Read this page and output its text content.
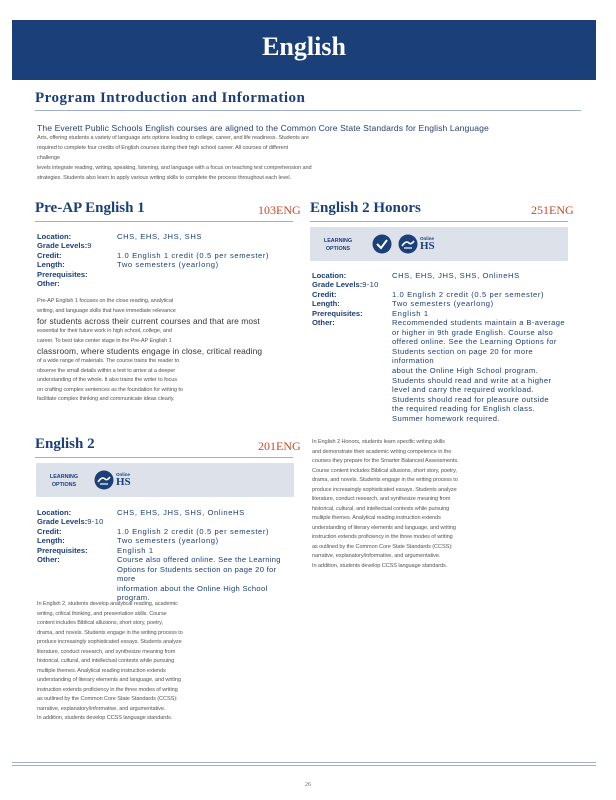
English
Program Introduction and Information
The Everett Public Schools English courses are aligned to the Common Core State Standards for English Language
Arts, offering students a variety of language arts options leading to college, career, and life readiness. Students are
required to complete four credits of English courses during their high school career. All courses of different challenge
levels integrate reading, writing, speaking, listening, and language with a focus on teaching text comprehension and
strategies. Students also learn to apply various writing skills to complete the process throughout each level.
Pre-AP English 1	103ENG
Location:	CHS, EHS, JHS, SHS
Grade Levels:9
Credit:	1.0 English 1 credit (0.5 per semester)
Length:	Two semesters (yearlong)
Prerequisites:
Other:
Pre-AP English 1 focuses on the close reading, analytical
writing, and language skills that have immediate relevance
for students across their current courses and that are most
essential for their future work in high school, college, and
career. To best take center stage in the Pre-AP English 1
classroom, where students engage in close, critical reading
of a wide range of materials. The course trains the reader to
observe the small details within a text to arrive at a deeper
understanding of the whole. It also trains the writer to focus
on crafting complex sentences as the foundation for writing to
facilitate complex thinking and communicate ideas clearly.
English 2	201ENG
LEARNING
OPTIONS
Online
HS
Location:	CHS, EHS, JHS, SHS, OnlineHS
Grade Levels:9-10
Credit:	1.0 English 2 credit (0.5 per semester)
Length:	Two semesters (yearlong)
Prerequisites:	English 1
Other:	Course also offered online. See the Learning
Options for Students section on page 20 for more
information about the Online High School program.
In English 2, students develop analytical reading, academic
writing, critical thinking, and presentation skills. Course
content includes Biblical allusions, short story, poetry,
drama, and novels. Students engage in the writing process to
produce increasingly sophisticated essays. Students analyze
literature, conduct research, and synthesize meaning from
historical, cultural, and intellectual contexts while pursuing
multiple themes. Analytical reading instruction extends
understanding of literary elements and language, and writing
instruction extends proficiency in the three modes of writing
as outlined by the Common Core State Standards (CCSS):
narrative, explanatory/informative, and argumentative.
In addition, students develop CCSS language standards.
English 2 Honors	251ENG
LEARNING
OPTIONS
Online
HS
Location:	CHS, EHS, JHS, SHS, OnlineHS
Grade Levels:9-10
Credit:	1.0 English 2 credit (0.5 per semester)
Length:	Two semesters (yearlong)
Prerequisites:	English 1
Other:	Recommended students maintain a B-average
or higher in 9th grade English. Course also
offered online. See the Learning Options for
Students section on page 20 for more information
about the Online High School program.
Students should read and write at a higher
level and carry the required workload.
Students should read for pleasure outside
the required reading for English class.
Summer homework required.
In English 2 Honors, students learn specific writing skills
and demonstrate their academic writing competence in the
courses they prepare for the Smarter Balanced Assessments.
Course content includes Biblical allusions, short story, poetry,
drama, and novels. Students engage in the writing process to
produce increasingly sophisticated essays. Students analyze
literature, conduct research, and synthesize meaning from
historical, cultural, and intellectual contexts while pursuing
multiple themes. Analytical reading instruction extends
understanding of literary elements and language, and writing
instruction extends proficiency in the three modes of writing
as outlined by the Common Core State Standards (CCSS):
narrative, explanatory/informative, and argumentative.
In addition, students develop CCSS language standards.
26
